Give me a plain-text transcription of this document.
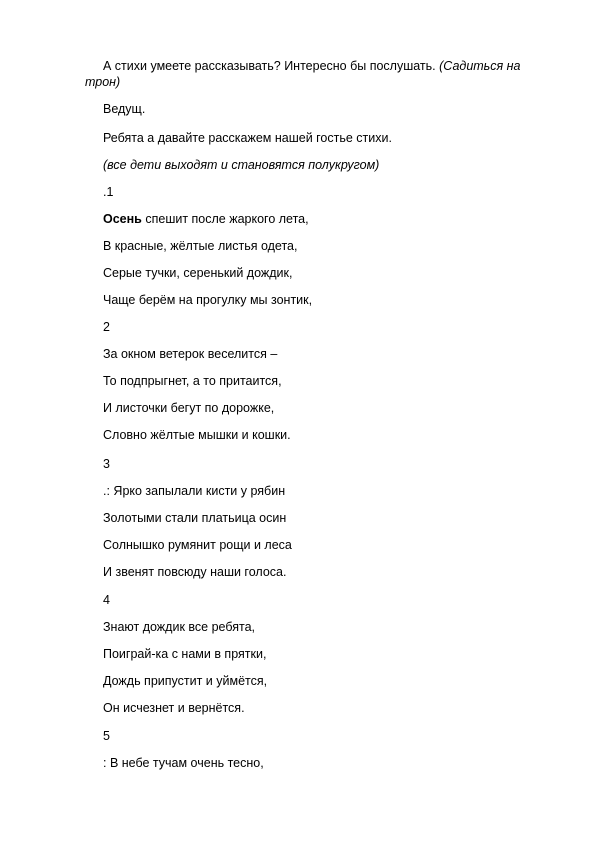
А стихи умеете рассказывать? Интересно бы послушать. (Садиться на трон)
Ведущ.
Ребята а давайте расскажем нашей гостье стихи.
(все дети выходят и становятся полукругом)
.1
Осень спешит после жаркого лета,
В красные, жёлтые листья одета,
Серые тучки, серенький дождик,
Чаще берём на прогулку мы зонтик,
2
За окном ветерок веселится –
То подпрыгнет, а то притаится,
И листочки бегут по дорожке,
Словно жёлтые мышки и кошки.
3
.: Ярко запылали кисти у рябин
Золотыми стали платьица осин
Солнышко румянит рощи и леса
И звенят повсюду наши голоса.
4
Знают дождик все ребята,
Поиграй-ка с нами в прятки,
Дождь припустит и уймётся,
Он исчезнет и вернётся.
5
: В небе тучам очень тесно,
